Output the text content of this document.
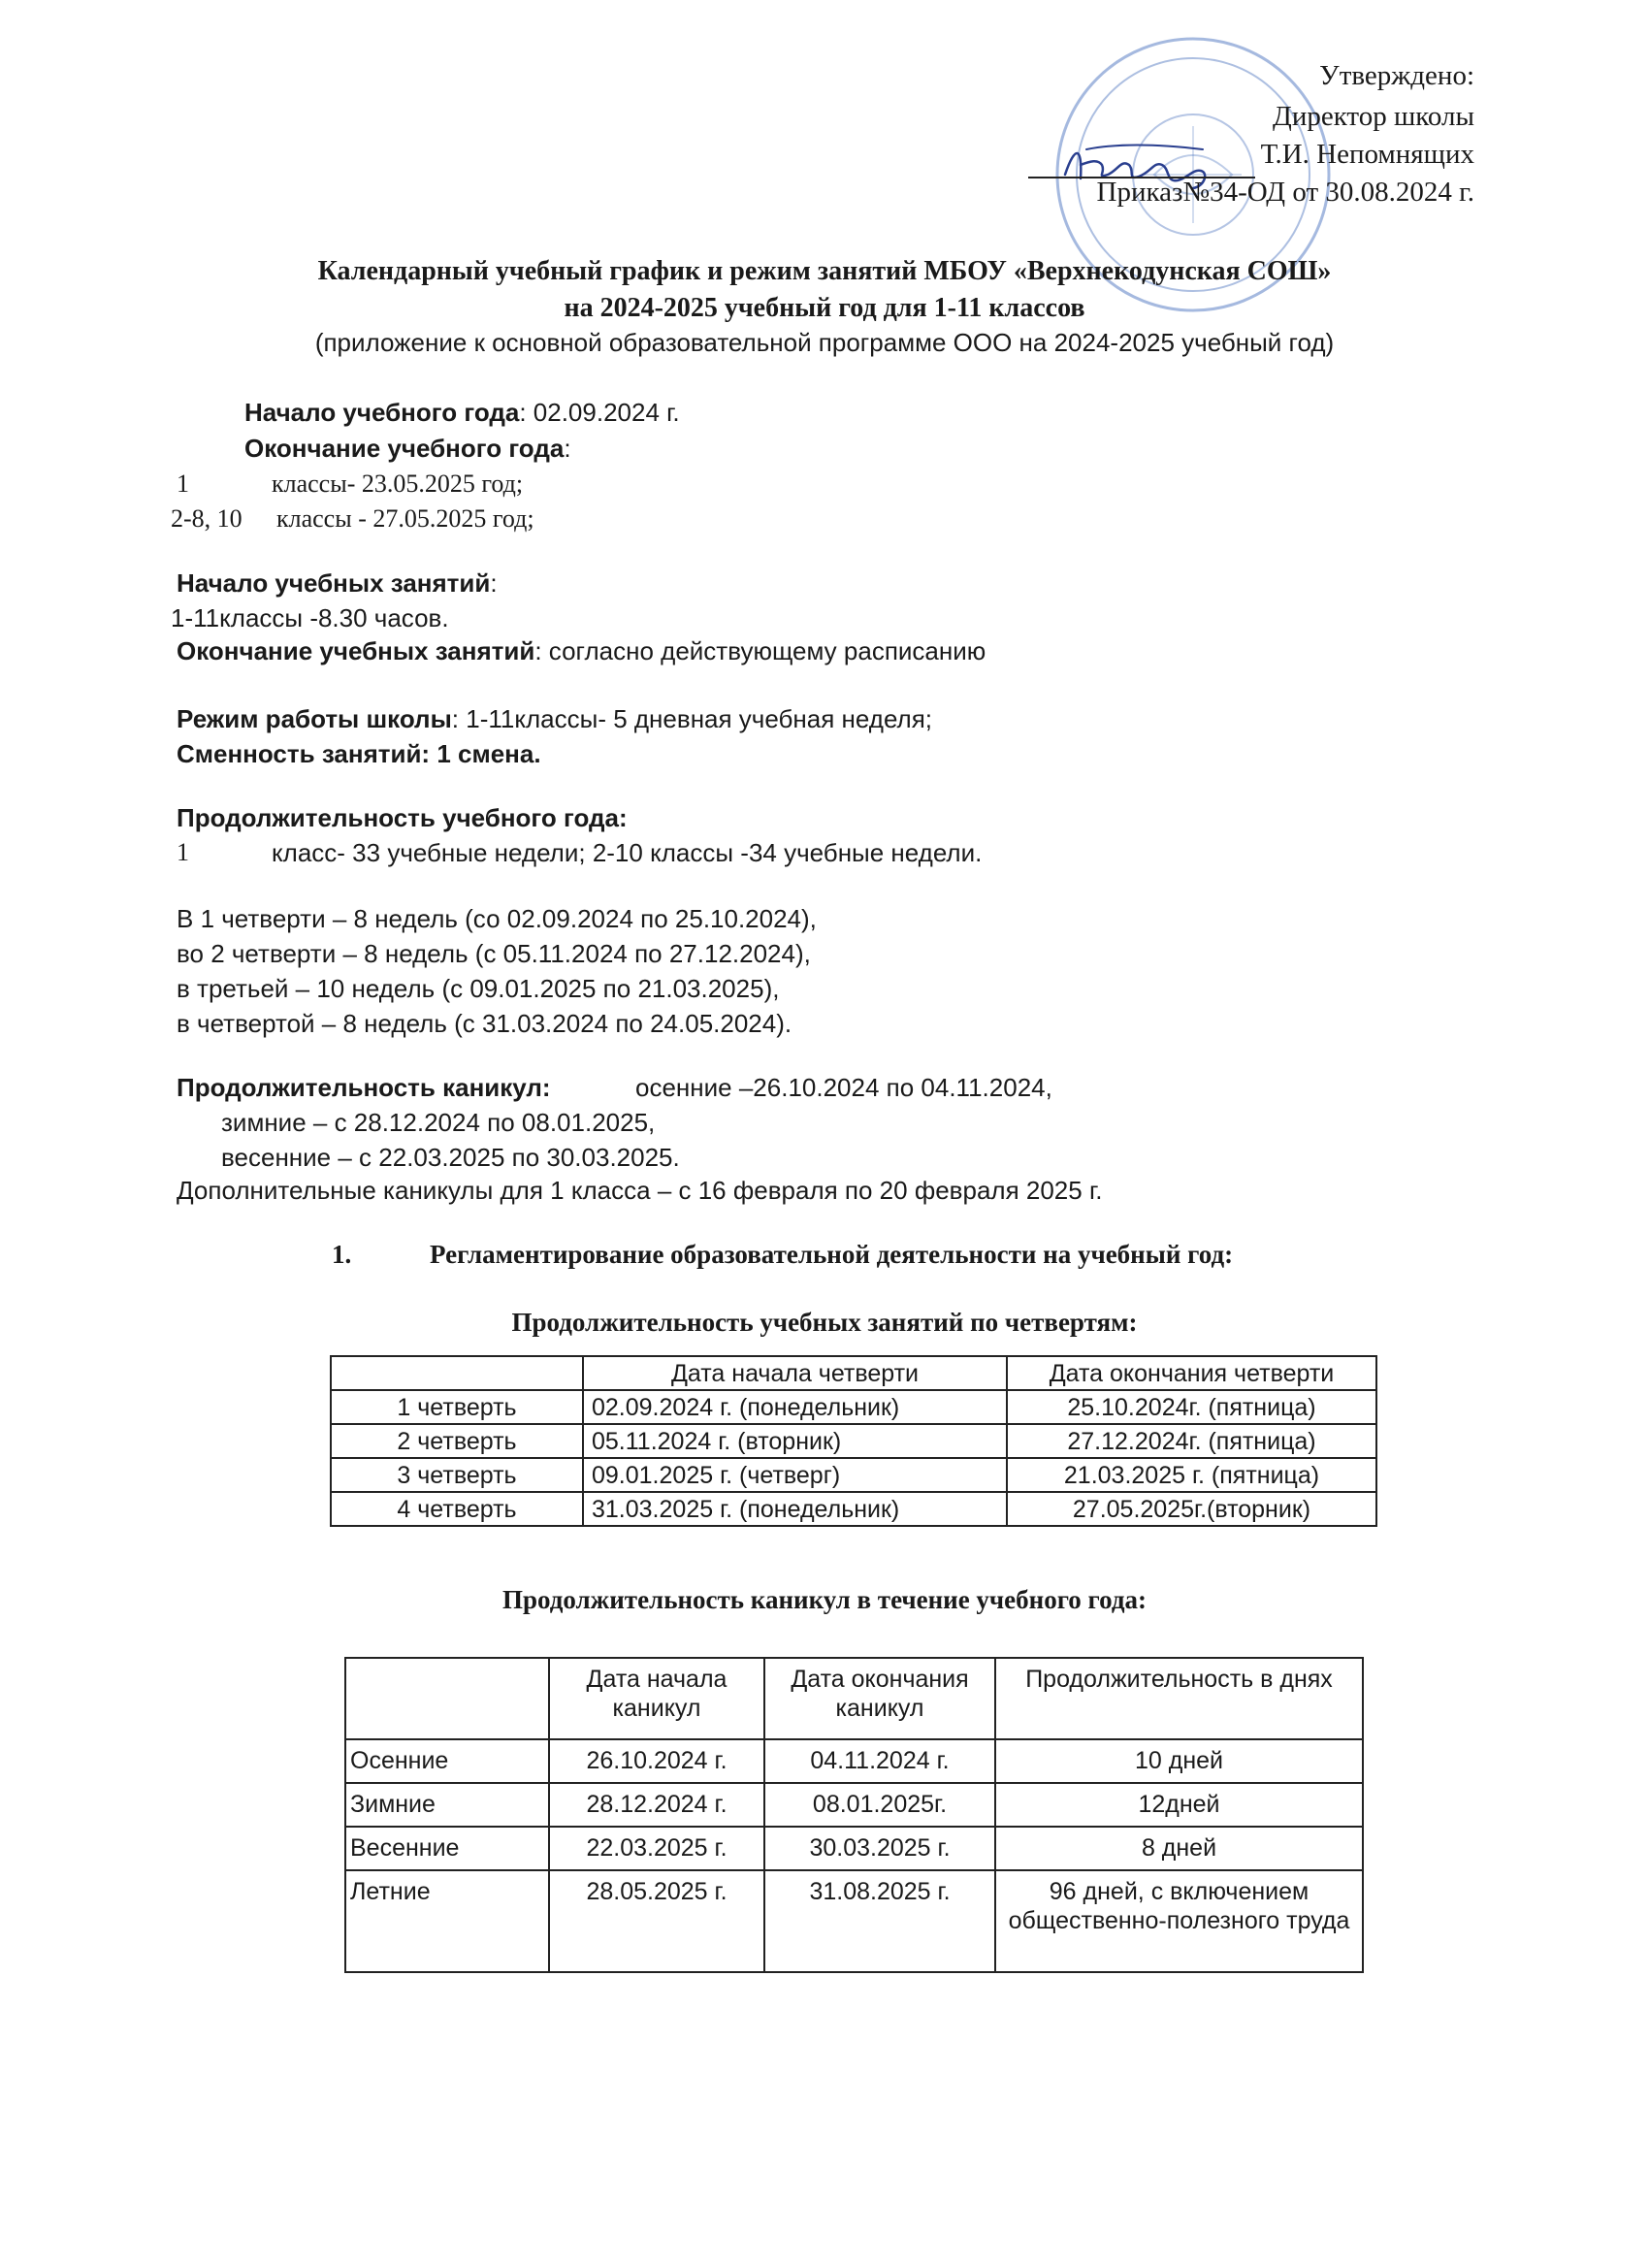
Утверждено:
Директор школы
Т.И. Непомнящих
Приказ№34-ОД от 30.08.2024 г.
Календарный учебный график и режим занятий МБОУ «Верхнекодунская СОШ»
на 2024-2025 учебный год для 1-11 классов
(приложение к основной образовательной программе ООО на 2024-2025 учебный год)
Начало учебного года: 02.09.2024 г.
Окончание учебного года:
1	классы- 23.05.2025 год;
2-8, 10 классы - 27.05.2025 год;
Начало учебных занятий:
1-11классы -8.30 часов.
Окончание учебных занятий: согласно действующему расписанию
Режим работы школы: 1-11классы- 5 дневная учебная неделя;
Сменность занятий: 1 смена.
Продолжительность учебного года:
1	класс- 33 учебные недели; 2-10 классы -34 учебные недели.
В 1 четверти – 8 недель (со 02.09.2024 по 25.10.2024),
во 2 четверти – 8 недель (с 05.11.2024 по 27.12.2024),
в третьей – 10 недель (с 09.01.2025 по 21.03.2025),
в четвертой – 8 недель (с 31.03.2024 по 24.05.2024).
Продолжительность каникул:	осенние –26.10.2024 по 04.11.2024,
зимние – с 28.12.2024 по 08.01.2025,
весенние – с 22.03.2025 по 30.03.2025.
Дополнительные каникулы для 1 класса – с 16 февраля по 20 февраля 2025 г.
1.	Регламентирование образовательной деятельности на учебный год:
Продолжительность учебных занятий по четвертям:
	Дата начала четверти	Дата окончания четверти
1 четверть	02.09.2024 г. (понедельник)	25.10.2024г. (пятница)
2 четверть	05.11.2024 г. (вторник)	27.12.2024г. (пятница)
3 четверть	09.01.2025 г. (четверг)	21.03.2025 г. (пятница)
4 четверть	31.03.2025 г. (понедельник)	27.05.2025г.(вторник)
Продолжительность каникул в течение учебного года:
	Дата начала каникул	Дата окончания каникул	Продолжительность в днях
Осенние	26.10.2024 г.	04.11.2024 г.	10 дней
Зимние	28.12.2024 г.	08.01.2025г.	12дней
Весенние	22.03.2025 г.	30.03.2025 г.	8 дней
Летние	28.05.2025 г.	31.08.2025 г.	96 дней, с включением общественно-полезного труда
